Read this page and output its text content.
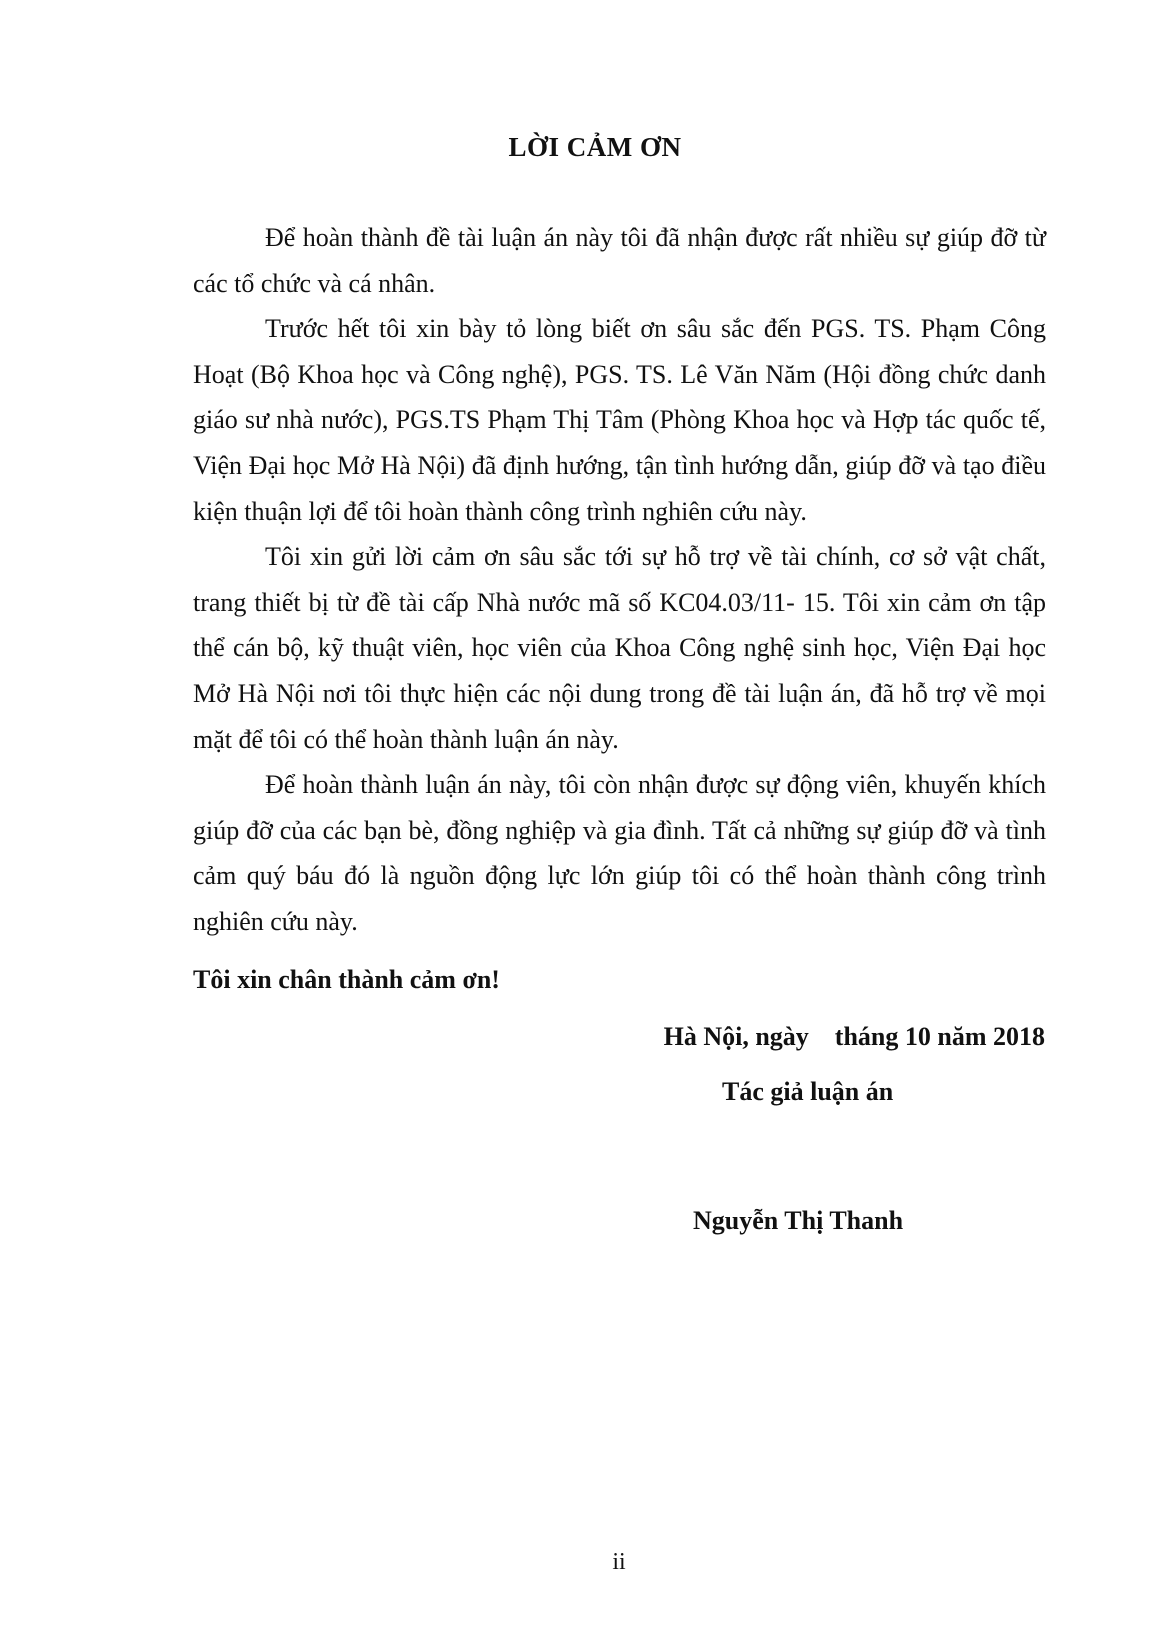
LỜI CẢM ƠN

Để hoàn thành đề tài luận án này tôi đã nhận được rất nhiều sự giúp đỡ từ các tổ chức và cá nhân.

Trước hết tôi xin bày tỏ lòng biết ơn sâu sắc đến PGS. TS. Phạm Công Hoạt (Bộ Khoa học và Công nghệ), PGS. TS. Lê Văn Năm (Hội đồng chức danh giáo sư nhà nước), PGS.TS Phạm Thị Tâm (Phòng Khoa học và Hợp tác quốc tế, Viện Đại học Mở Hà Nội) đã định hướng, tận tình hướng dẫn, giúp đỡ và tạo điều kiện thuận lợi để tôi hoàn thành công trình nghiên cứu này.

Tôi xin gửi lời cảm ơn sâu sắc tới sự hỗ trợ về tài chính, cơ sở vật chất, trang thiết bị từ đề tài cấp Nhà nước mã số KC04.03/11- 15. Tôi xin cảm ơn tập thể cán bộ, kỹ thuật viên, học viên của Khoa Công nghệ sinh học, Viện Đại học Mở Hà Nội nơi tôi thực hiện các nội dung trong đề tài luận án, đã hỗ trợ về mọi mặt để tôi có thể hoàn thành luận án này.

Để hoàn thành luận án này, tôi còn nhận được sự động viên, khuyến khích giúp đỡ của các bạn bè, đồng nghiệp và gia đình. Tất cả những sự giúp đỡ và tình cảm quý báu đó là nguồn động lực lớn giúp tôi có thể hoàn thành công trình nghiên cứu này.

Tôi xin chân thành cảm ơn!
Hà Nội, ngày    tháng 10 năm 2018
Tác giả luận án
Nguyễn Thị Thanh
ii
